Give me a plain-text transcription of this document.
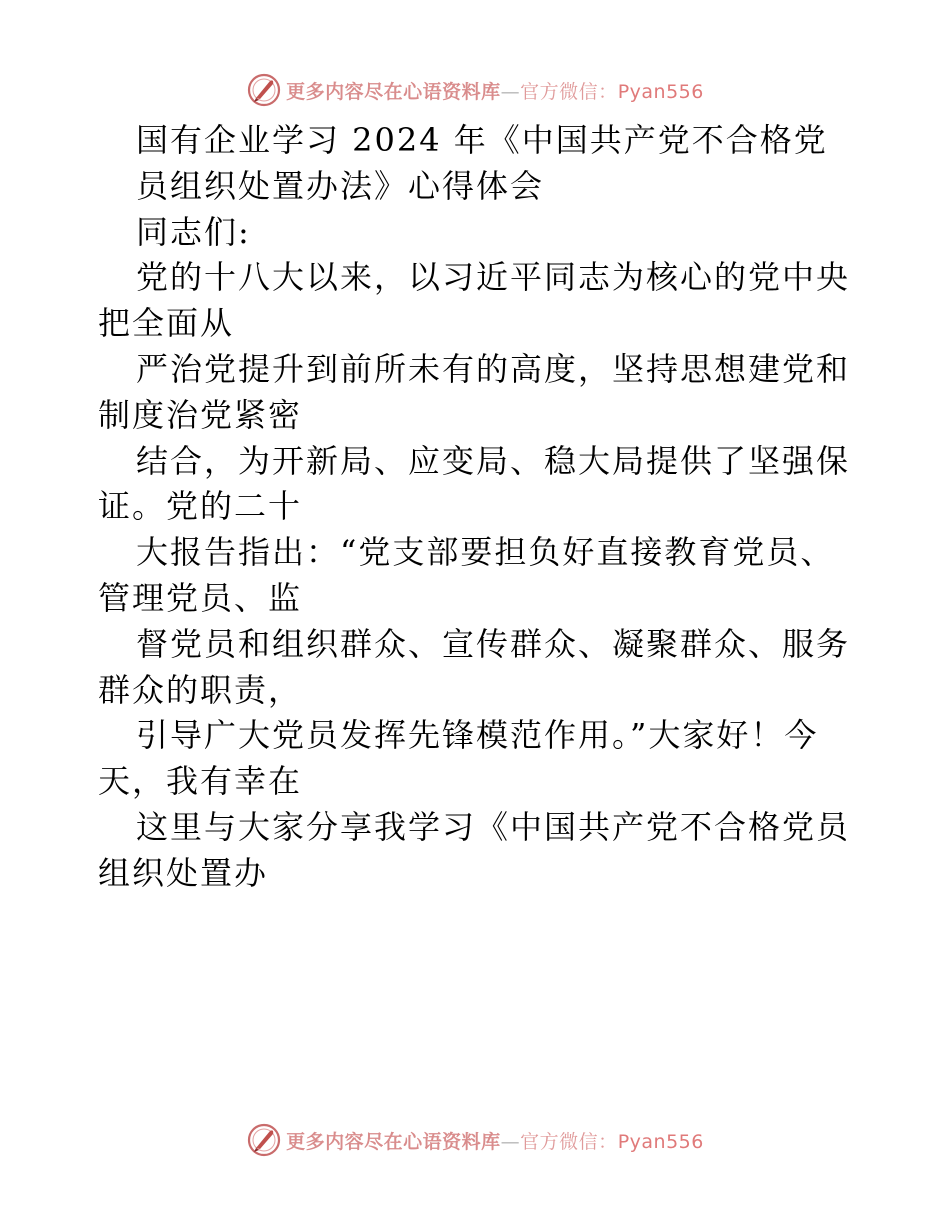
更多内容尽在心语资料库—官方微信：Pyan556
国有企业学习 2024 年《中国共产党不合格党
员组织处置办法》心得体会
同志们:
党的十八大以来，以习近平同志为核心的党中央
把全面从
严治党提升到前所未有的高度，坚持思想建党和
制度治党紧密
结合，为开新局、应变局、稳大局提供了坚强保
证。党的二十
大报告指出：“党支部要担负好直接教育党员、
管理党员、监
督党员和组织群众、宣传群众、凝聚群众、服务
群众的职责，
引导广大党员发挥先锋模范作用。”大家好！今
天，我有幸在
这里与大家分享我学习《中国共产党不合格党员
组织处置办
更多内容尽在心语资料库—官方微信：Pyan556
